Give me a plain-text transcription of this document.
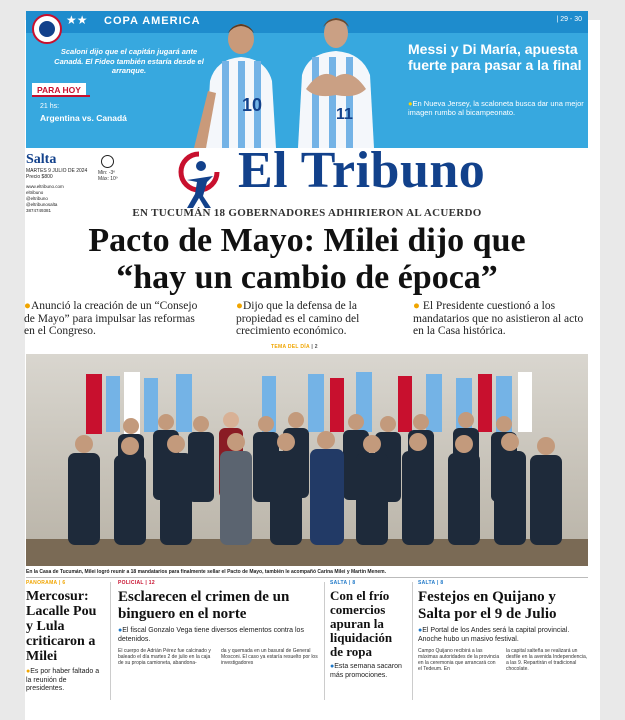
★★ COPA AMERICA	| 29 - 30
Scaloni dijo que el capitán jugará ante Canadá. El Fideo también estaría desde el arranque.
PARA HOY
21 hs:
Argentina vs. Canadá
10	11
Messi y Di María, apuesta fuerte para pasar a la final
●En Nueva Jersey, la scaloneta busca dar una mejor imagen rumbo al bicampeonato.
Salta
MARTES 9 JULIO DE 2024
Precio $800
www.eltribuno.com
eltribuno
@eltribuno
@eltribunosalta
3874749381
Min: -3º
Máx: 10º El Tribuno
EN TUCUMÁN 18 GOBERNADORES ADHIRIERON AL ACUERDO
Pacto de Mayo: Milei dijo que
“hay un cambio de época”
●Anunció la creación de un “Consejo de Mayo” para impulsar las reformas en el Congreso.
●Dijo que la defensa de la propiedad es el camino del crecimiento económico.
● El Presidente cuestionó a los mandatarios que no asistieron al acto en la Casa histórica.
TEMA DEL DÍA | 2
En la Casa de Tucumán, Milei logró reunir a 18 mandatarios para finalmente sellar el Pacto de Mayo, también le acompañó Carina Milei y Martín Menem.
PANORAMA | 6
Mercosur: Lacalle Pou y Lula criticaron a Milei
●Es por haber faltado a la reunión de presidentes.
POLICIAL | 12
Esclarecen el crimen de un binguero en el norte
●El fiscal Gonzalo Vega tiene diversos elementos contra los detenidos.
El cuerpo de Adrián Pérez fue calcinado y baleado el día martes 2 de julio en la caja de su propia camioneta, abandona-
da y quemada en un basural de General Mosconi. El caso ya estaría resuelto por los investigadores
SALTA | 8
Con el frío comercios apuran la liquidación de ropa
●Esta semana sacaron más promociones.
SALTA | 8
Festejos en Quijano y Salta por el 9 de Julio
●El Portal de los Andes será la capital provincial. Anoche hubo un masivo festival.
Campo Quijano recibirá a las máximas autoridades de la provincia en la ceremonia que arrancará con el Tedeum. En
la capital salteña se realizará un desfile en la avenida Independencia, a las 9. Repartirán el tradicional chocolate.
